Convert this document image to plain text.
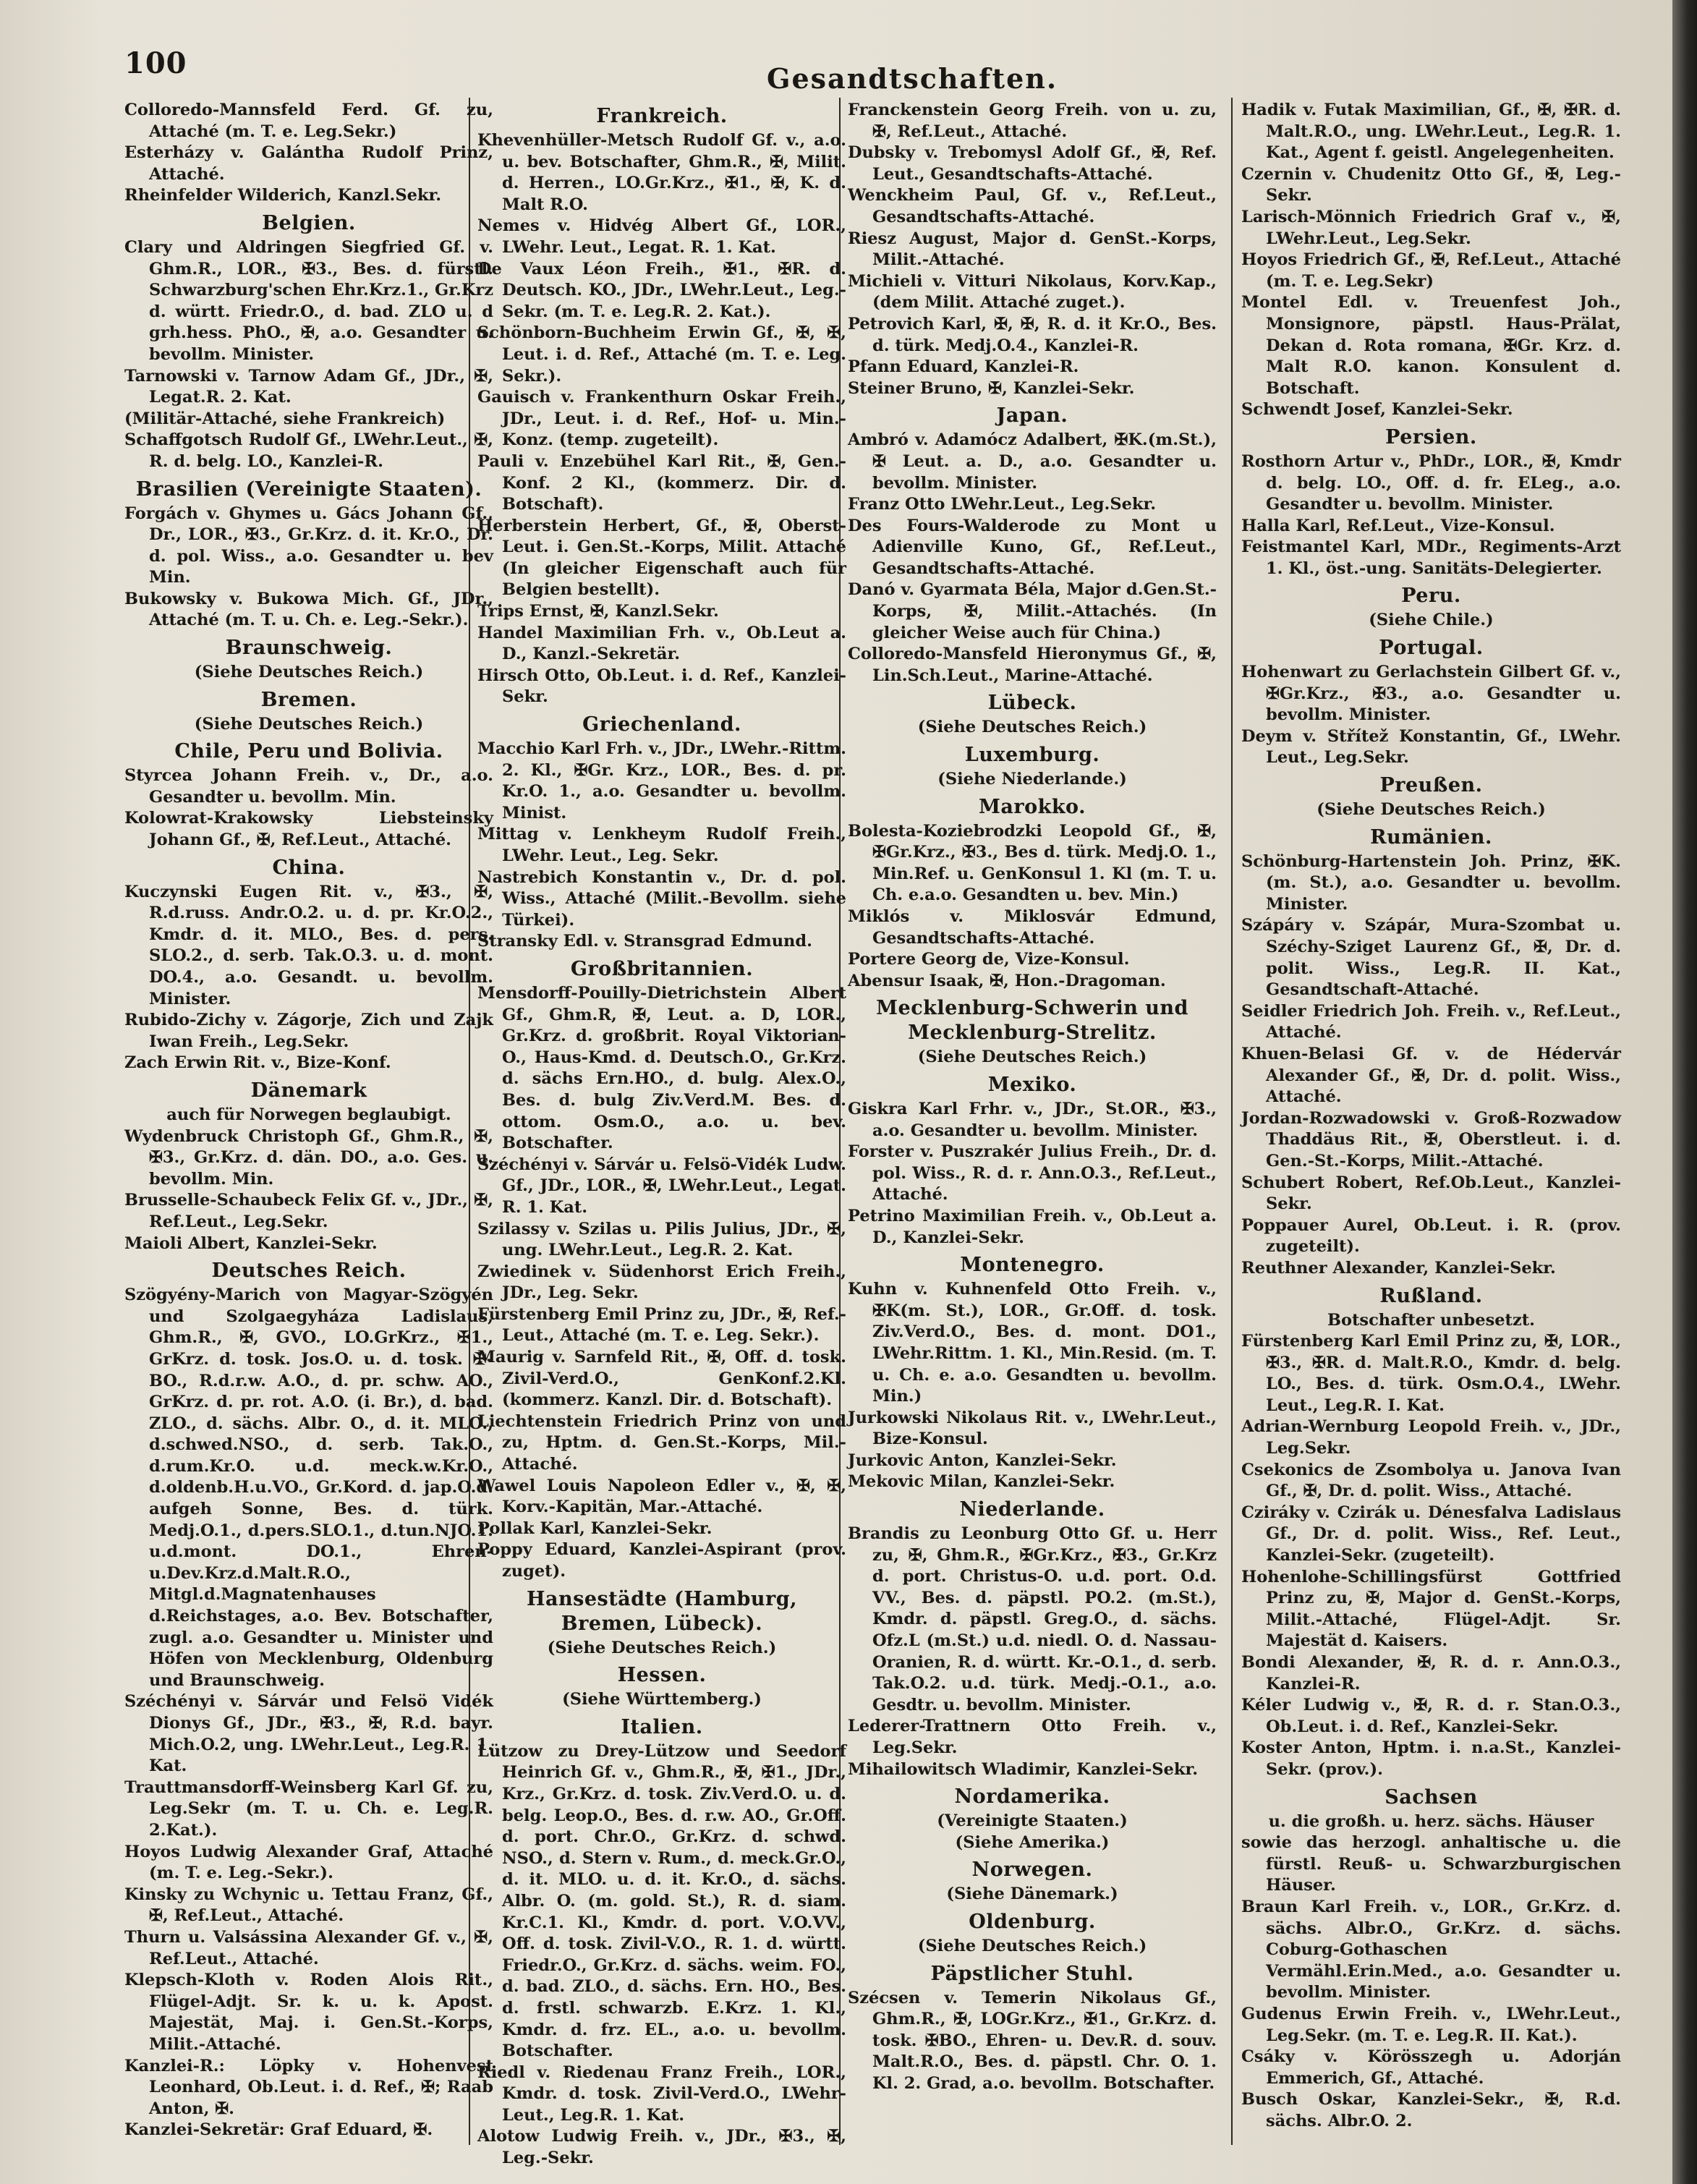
100	Gesandtschaften.

Colloredo-Mannsfeld Ferd. Gf. zu, Attaché (m. T. e. Leg.Sekr.)

Esterházy v. Galántha Rudolf Prinz, Attaché.

Rheinfelder Wilderich, Kanzl.Sekr.

Belgien.

Clary und Aldringen Siegfried Gf. v. Ghm.R., LOR., ✠3., Bes. d. fürstl. Schwarzburg'schen Ehr.Krz.1., Gr.Krz d. württ. Friedr.O., d. bad. ZLO u. d grh.hess. PhO., ✠, a.o. Gesandter u. bevollm. Minister.

Tarnowski v. Tarnow Adam Gf., JDr., ✠, Legat.R. 2. Kat.

(Militär-Attaché, siehe Frankreich)

Schaffgotsch Rudolf Gf., LWehr.Leut., ✠, R. d. belg. LO., Kanzlei-R.

Brasilien (Vereinigte Staaten).

Forgách v. Ghymes u. Gács Johann Gf., Dr., LOR., ✠3., Gr.Krz. d. it. Kr.O., Dr. d. pol. Wiss., a.o. Gesandter u. bev Min.

Bukowsky v. Bukowa Mich. Gf., JDr., Attaché (m. T. u. Ch. e. Leg.-Sekr.).

Braunschweig.

(Siehe Deutsches Reich.)

Bremen.

(Siehe Deutsches Reich.)

Chile, Peru und Bolivia.

Styrcea Johann Freih. v., Dr., a.o. Gesandter u. bevollm. Min.

Kolowrat-Krakowsky Liebsteinsky Johann Gf., ✠, Ref.Leut., Attaché.

China.

Kuczynski Eugen Rit. v., ✠3., ✠, R.d.russ. Andr.O.2. u. d. pr. Kr.O.2., Kmdr. d. it. MLO., Bes. d. pers. SLO.2., d. serb. Tak.O.3. u. d. mont. DO.4., a.o. Gesandt. u. bevollm. Minister.

Rubido-Zichy v. Zágorje, Zich und Zajk Iwan Freih., Leg.Sekr.

Zach Erwin Rit. v., Bize-Konf.

Dänemark

auch für Norwegen beglaubigt.

Wydenbruck Christoph Gf., Ghm.R., ✠, ✠3., Gr.Krz. d. dän. DO., a.o. Ges. u. bevollm. Min.

Brusselle-Schaubeck Felix Gf. v., JDr., ✠, Ref.Leut., Leg.Sekr.

Maioli Albert, Kanzlei-Sekr.

Deutsches Reich.

Szögyény-Marich von Magyar-Szögyén und Szolgaegyháza Ladislaus, Ghm.R., ✠, GVO., LO.GrKrz., ✠1., GrKrz. d. tosk. Jos.O. u. d. tosk. ✠-BO., R.d.r.w. A.O., d. pr. schw. AO., GrKrz. d. pr. rot. A.O. (i. Br.), d. bad. ZLO., d. sächs. Albr. O., d. it. MLO., d.schwed.NSO., d. serb. Tak.O., d.rum.Kr.O. u.d. meck.w.Kr.O., d.oldenb.H.u.VO., Gr.Kord. d. jap.O.d. aufgeh Sonne, Bes. d. türk. Medj.O.1., d.pers.SLO.1., d.tun.NJO.1. u.d.mont. DO.1., Ehren- u.Dev.Krz.d.Malt.R.O., Mitgl.d.Magnatenhauses d.Reichstages, a.o. Bev. Botschafter, zugl. a.o. Gesandter u. Minister und Höfen von Mecklenburg, Oldenburg und Braunschweig.

Széchényi v. Sárvár und Felsö Vidék Dionys Gf., JDr., ✠3., ✠, R.d. bayr. Mich.O.2, ung. LWehr.Leut., Leg.R. 1. Kat.

Trauttmansdorff-Weinsberg Karl Gf. zu, Leg.Sekr (m. T. u. Ch. e. Leg.R. 2.Kat.).

Hoyos Ludwig Alexander Graf, Attaché (m. T. e. Leg.-Sekr.).

Kinsky zu Wchynic u. Tettau Franz, Gf., ✠, Ref.Leut., Attaché.

Thurn u. Valsássina Alexander Gf. v., ✠, Ref.Leut., Attaché.

Klepsch-Kloth v. Roden Alois Rit., Flügel-Adjt. Sr. k. u. k. Apost. Majestät, Maj. i. Gen.St.-Korps, Milit.-Attaché.

Kanzlei-R.: Löpky v. Hohenvest Leonhard, Ob.Leut. i. d. Ref., ✠; Raab Anton, ✠.

Kanzlei-Sekretär: Graf Eduard, ✠.

Frankreich.

Khevenhüller-Metsch Rudolf Gf. v., a.o. u. bev. Botschafter, Ghm.R., ✠, Milit. d. Herren., LO.Gr.Krz., ✠1., ✠, K. d. Malt R.O.

Nemes v. Hidvég Albert Gf., LOR., LWehr. Leut., Legat. R. 1. Kat.

De Vaux Léon Freih., ✠1., ✠R. d. Deutsch. KO., JDr., LWehr.Leut., Leg.-Sekr. (m. T. e. Leg.R. 2. Kat.).

Schönborn-Buchheim Erwin Gf., ✠, ✠, Leut. i. d. Ref., Attaché (m. T. e. Leg. Sekr.).

Gauisch v. Frankenthurn Oskar Freih., JDr., Leut. i. d. Ref., Hof- u. Min.-Konz. (temp. zugeteilt).

Pauli v. Enzebühel Karl Rit., ✠, Gen.-Konf. 2 Kl., (kommerz. Dir. d. Botschaft).

Herberstein Herbert, Gf., ✠, Oberst-Leut. i. Gen.St.-Korps, Milit. Attaché (In gleicher Eigenschaft auch für Belgien bestellt).

Trips Ernst, ✠, Kanzl.Sekr.

Handel Maximilian Frh. v., Ob.Leut a. D., Kanzl.-Sekretär.

Hirsch Otto, Ob.Leut. i. d. Ref., Kanzlei-Sekr.

Griechenland.

Macchio Karl Frh. v., JDr., LWehr.-Rittm. 2. Kl., ✠Gr. Krz., LOR., Bes. d. pr. Kr.O. 1., a.o. Gesandter u. bevollm. Minist.

Mittag v. Lenkheym Rudolf Freih., LWehr. Leut., Leg. Sekr.

Nastrebich Konstantin v., Dr. d. pol. Wiss., Attaché (Milit.-Bevollm. siehe Türkei).

Stransky Edl. v. Stransgrad Edmund.

Großbritannien.

Mensdorff-Pouilly-Dietrichstein Albert Gf., Ghm.R, ✠, Leut. a. D, LOR., Gr.Krz. d. großbrit. Royal Viktorian-O., Haus-Kmd. d. Deutsch.O., Gr.Krz. d. sächs Ern.HO., d. bulg. Alex.O., Bes. d. bulg Ziv.Verd.M. Bes. d. ottom. Osm.O., a.o. u. bev. Botschafter.

Széchényi v. Sárvár u. Felsö-Vidék Ludw. Gf., JDr., LOR., ✠, LWehr.Leut., Legat. R. 1. Kat.

Szilassy v. Szilas u. Pilis Julius, JDr., ✠, ung. LWehr.Leut., Leg.R. 2. Kat.

Zwiedinek v. Südenhorst Erich Freih., JDr., Leg. Sekr.

Fürstenberg Emil Prinz zu, JDr., ✠, Ref.-Leut., Attaché (m. T. e. Leg. Sekr.).

Maurig v. Sarnfeld Rit., ✠, Off. d. tosk. Zivil-Verd.O., GenKonf.2.Kl. (kommerz. Kanzl. Dir. d. Botschaft).

Liechtenstein Friedrich Prinz von und zu, Hptm. d. Gen.St.-Korps, Mil.-Attaché.

Wawel Louis Napoleon Edler v., ✠, ✠, Korv.-Kapitän, Mar.-Attaché.

Pollak Karl, Kanzlei-Sekr.

Poppy Eduard, Kanzlei-Aspirant (prov. zuget).

Hansestädte (Hamburg, Bremen, Lübeck).

(Siehe Deutsches Reich.)

Hessen.

(Siehe Württemberg.)

Italien.

Lützow zu Drey-Lützow und Seedorf Heinrich Gf. v., Ghm.R., ✠, ✠1., JDr., Krz., Gr.Krz. d. tosk. Ziv.Verd.O. u. d. belg. Leop.O., Bes. d. r.w. AO., Gr.Off. d. port. Chr.O., Gr.Krz. d. schwd. NSO., d. Stern v. Rum., d. meck.Gr.O., d. it. MLO. u. d. it. Kr.O., d. sächs. Albr. O. (m. gold. St.), R. d. siam. Kr.C.1. Kl., Kmdr. d. port. V.O.VV., Off. d. tosk. Zivil-V.O., R. 1. d. württ. Friedr.O., Gr.Krz. d. sächs. weim. FO., d. bad. ZLO., d. sächs. Ern. HO., Bes. d. frstl. schwarzb. E.Krz. 1. Kl., Kmdr. d. frz. EL., a.o. u. bevollm. Botschafter.

Riedl v. Riedenau Franz Freih., LOR., Kmdr. d. tosk. Zivil-Verd.O., LWehr-Leut., Leg.R. 1. Kat.

Alotow Ludwig Freih. v., JDr., ✠3., ✠, Leg.-Sekr.

Franckenstein Georg Freih. von u. zu, ✠, Ref.Leut., Attaché.

Dubsky v. Trebomysl Adolf Gf., ✠, Ref. Leut., Gesandtschafts-Attaché.

Wenckheim Paul, Gf. v., Ref.Leut., Gesandtschafts-Attaché.

Riesz August, Major d. GenSt.-Korps, Milit.-Attaché.

Michieli v. Vitturi Nikolaus, Korv.Kap., (dem Milit. Attaché zuget.).

Petrovich Karl, ✠, ✠, R. d. it Kr.O., Bes. d. türk. Medj.O.4., Kanzlei-R.

Pfann Eduard, Kanzlei-R.

Steiner Bruno, ✠, Kanzlei-Sekr.

Japan.

Ambró v. Adamócz Adalbert, ✠K.(m.St.), ✠ Leut. a. D., a.o. Gesandter u. bevollm. Minister.

Franz Otto LWehr.Leut., Leg.Sekr.

Des Fours-Walderode zu Mont u Adienville Kuno, Gf., Ref.Leut., Gesandtschafts-Attaché.

Danó v. Gyarmata Béla, Major d.Gen.St.-Korps, ✠, Milit.-Attachés. (In gleicher Weise auch für China.)

Colloredo-Mansfeld Hieronymus Gf., ✠, Lin.Sch.Leut., Marine-Attaché.

Lübeck.

(Siehe Deutsches Reich.)

Luxemburg.

(Siehe Niederlande.)

Marokko.

Bolesta-Koziebrodzki Leopold Gf., ✠, ✠Gr.Krz., ✠3., Bes d. türk. Medj.O. 1., Min.Ref. u. GenKonsul 1. Kl (m. T. u. Ch. e.a.o. Gesandten u. bev. Min.)

Miklós v. Miklosvár Edmund, Gesandtschafts-Attaché.

Portere Georg de, Vize-Konsul.

Abensur Isaak, ✠, Hon.-Dragoman.

Mecklenburg-Schwerin und Mecklenburg-Strelitz.

(Siehe Deutsches Reich.)

Mexiko.

Giskra Karl Frhr. v., JDr., St.OR., ✠3., a.o. Gesandter u. bevollm. Minister.

Forster v. Puszrakér Julius Freih., Dr. d. pol. Wiss., R. d. r. Ann.O.3., Ref.Leut., Attaché.

Petrino Maximilian Freih. v., Ob.Leut a. D., Kanzlei-Sekr.

Montenegro.

Kuhn v. Kuhnenfeld Otto Freih. v., ✠K(m. St.), LOR., Gr.Off. d. tosk. Ziv.Verd.O., Bes. d. mont. DO1., LWehr.Rittm. 1. Kl., Min.Resid. (m. T. u. Ch. e. a.o. Gesandten u. bevollm. Min.)

Jurkowski Nikolaus Rit. v., LWehr.Leut., Bize-Konsul.

Jurkovic Anton, Kanzlei-Sekr.

Mekovic Milan, Kanzlei-Sekr.

Niederlande.

Brandis zu Leonburg Otto Gf. u. Herr zu, ✠, Ghm.R., ✠Gr.Krz., ✠3., Gr.Krz d. port. Christus-O. u.d. port. O.d. VV., Bes. d. päpstl. PO.2. (m.St.), Kmdr. d. päpstl. Greg.O., d. sächs. Ofz.L (m.St.) u.d. niedl. O. d. Nassau-Oranien, R. d. württ. Kr.-O.1., d. serb. Tak.O.2. u.d. türk. Medj.-O.1., a.o. Gesdtr. u. bevollm. Minister.

Lederer-Trattnern Otto Freih. v., Leg.Sekr.

Mihailowitsch Wladimir, Kanzlei-Sekr.

Nordamerika.

(Vereinigte Staaten.)

(Siehe Amerika.)

Norwegen.

(Siehe Dänemark.)

Oldenburg.

(Siehe Deutsches Reich.)

Päpstlicher Stuhl.

Szécsen v. Temerin Nikolaus Gf., Ghm.R., ✠, LOGr.Krz., ✠1., Gr.Krz. d. tosk. ✠BO., Ehren- u. Dev.R. d. souv. Malt.R.O., Bes. d. päpstl. Chr. O. 1. Kl. 2. Grad, a.o. bevollm. Botschafter.

Hadik v. Futak Maximilian, Gf., ✠, ✠R. d. Malt.R.O., ung. LWehr.Leut., Leg.R. 1. Kat., Agent f. geistl. Angelegenheiten.

Czernin v. Chudenitz Otto Gf., ✠, Leg.-Sekr.

Larisch-Mönnich Friedrich Graf v., ✠, LWehr.Leut., Leg.Sekr.

Hoyos Friedrich Gf., ✠, Ref.Leut., Attaché (m. T. e. Leg.Sekr)

Montel Edl. v. Treuenfest Joh., Monsignore, päpstl. Haus-Prälat, Dekan d. Rota romana, ✠Gr. Krz. d. Malt R.O. kanon. Konsulent d. Botschaft.

Schwendt Josef, Kanzlei-Sekr.

Persien.

Rosthorn Artur v., PhDr., LOR., ✠, Kmdr d. belg. LO., Off. d. fr. ELeg., a.o. Gesandter u. bevollm. Minister.

Halla Karl, Ref.Leut., Vize-Konsul.

Feistmantel Karl, MDr., Regiments-Arzt 1. Kl., öst.-ung. Sanitäts-Delegierter.

Peru.

(Siehe Chile.)

Portugal.

Hohenwart zu Gerlachstein Gilbert Gf. v., ✠Gr.Krz., ✠3., a.o. Gesandter u. bevollm. Minister.

Deym v. Střítež Konstantin, Gf., LWehr. Leut., Leg.Sekr.

Preußen.

(Siehe Deutsches Reich.)

Rumänien.

Schönburg-Hartenstein Joh. Prinz, ✠K. (m. St.), a.o. Gesandter u. bevollm. Minister.

Szápáry v. Szápár, Mura-Szombat u. Széchy-Sziget Laurenz Gf., ✠, Dr. d. polit. Wiss., Leg.R. II. Kat., Gesandtschaft-Attaché.

Seidler Friedrich Joh. Freih. v., Ref.Leut., Attaché.

Khuen-Belasi Gf. v. de Hédervár Alexander Gf., ✠, Dr. d. polit. Wiss., Attaché.

Jordan-Rozwadowski v. Groß-Rozwadow Thaddäus Rit., ✠, Oberstleut. i. d. Gen.-St.-Korps, Milit.-Attaché.

Schubert Robert, Ref.Ob.Leut., Kanzlei-Sekr.

Poppauer Aurel, Ob.Leut. i. R. (prov. zugeteilt).

Reuthner Alexander, Kanzlei-Sekr.

Rußland.

Botschafter unbesetzt.

Fürstenberg Karl Emil Prinz zu, ✠, LOR., ✠3., ✠R. d. Malt.R.O., Kmdr. d. belg. LO., Bes. d. türk. Osm.O.4., LWehr. Leut., Leg.R. I. Kat.

Adrian-Wernburg Leopold Freih. v., JDr., Leg.Sekr.

Csekonics de Zsombolya u. Janova Ivan Gf., ✠, Dr. d. polit. Wiss., Attaché.

Cziráky v. Czirák u. Dénesfalva Ladislaus Gf., Dr. d. polit. Wiss., Ref. Leut., Kanzlei-Sekr. (zugeteilt).

Hohenlohe-Schillingsfürst Gottfried Prinz zu, ✠, Major d. GenSt.-Korps, Milit.-Attaché, Flügel-Adjt. Sr. Majestät d. Kaisers.

Bondi Alexander, ✠, R. d. r. Ann.O.3., Kanzlei-R.

Kéler Ludwig v., ✠, R. d. r. Stan.O.3., Ob.Leut. i. d. Ref., Kanzlei-Sekr.

Koster Anton, Hptm. i. n.a.St., Kanzlei-Sekr. (prov.).

Sachsen

u. die großh. u. herz. sächs. Häuser

sowie das herzogl. anhaltische u. die fürstl. Reuß- u. Schwarzburgischen Häuser.

Braun Karl Freih. v., LOR., Gr.Krz. d. sächs. Albr.O., Gr.Krz. d. sächs. Coburg-Gothaschen Vermähl.Erin.Med., a.o. Gesandter u. bevollm. Minister.

Gudenus Erwin Freih. v., LWehr.Leut., Leg.Sekr. (m. T. e. Leg.R. II. Kat.).

Csáky v. Körösszegh u. Adorján Emmerich, Gf., Attaché.

Busch Oskar, Kanzlei-Sekr., ✠, R.d. sächs. Albr.O. 2.
